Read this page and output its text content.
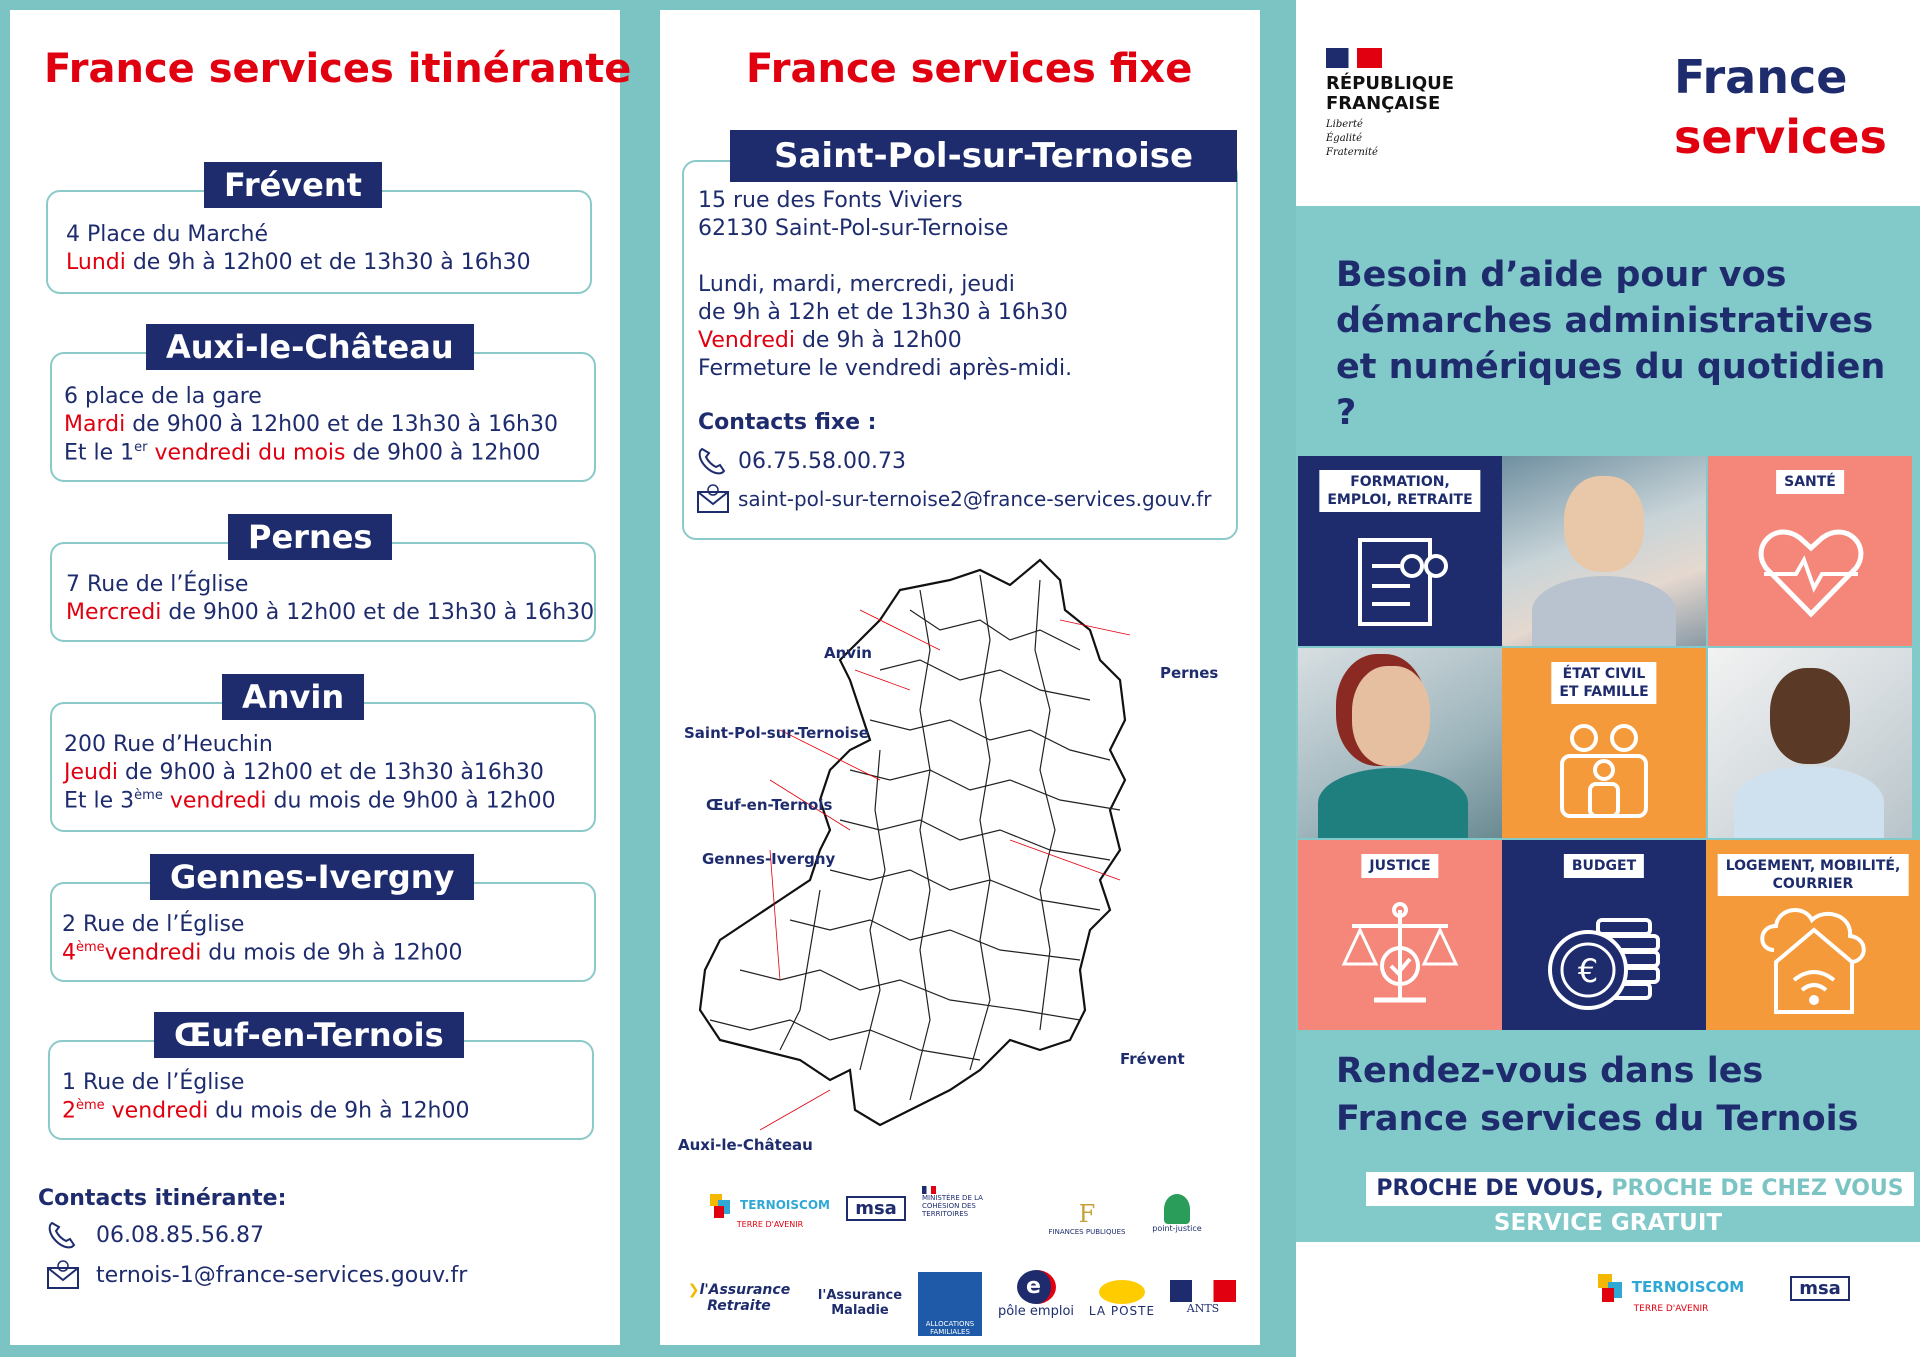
France services itinérante
Frévent
4 Place du Marché
Lundi de 9h à 12h00 et de 13h30 à 16h30
Auxi-le-Château
6 place de la gare
Mardi de 9h00 à 12h00 et de 13h30 à 16h30
Et le 1er vendredi du mois de 9h00 à 12h00
Pernes
7 Rue de l’Église
Mercredi de 9h00 à 12h00 et de 13h30 à 16h30
Anvin
200 Rue d’Heuchin
Jeudi de 9h00 à 12h00 et de 13h30 à16h30
Et le 3ème vendredi du mois de 9h00 à 12h00
Gennes-Ivergny
2 Rue de l’Église
4èmevendredi du mois de 9h à 12h00
Œuf-en-Ternois
1 Rue de l’Église
2ème vendredi du mois de 9h à 12h00
Contacts itinérante:
06.08.85.56.87
ternois-1@france-services.gouv.fr
France services fixe
Saint-Pol-sur-Ternoise
15 rue des Fonts Viviers
62130 Saint-Pol-sur-Ternoise
Lundi, mardi, mercredi, jeudi
de 9h à 12h et de 13h30 à 16h30
Vendredi de 9h à 12h00
Fermeture le vendredi après-midi.
Contacts fixe :
06.75.58.00.73
saint-pol-sur-ternoise2@france-services.gouv.fr
Anvin
Saint-Pol-sur-Ternoise
Œuf-en-Ternois
Gennes-Ivergny
Pernes
Frévent
Auxi-le-Château
TERNOISCOM
TERRE D'AVENIR
msa	MINISTÈRE DE LA COHÉSION DES TERRITOIRES	F
FINANCES PUBLIQUES	point-justice
❯l'Assurance Retraite
l'Assurance Maladie
ALLOCATIONS FAMILIALES
e
pôle emploi	LA POSTE	ANTS
RÉPUBLIQUE
FRANÇAISE
Liberté
Égalité
Fraternité
France
services
Besoin d’aide pour vos démarches administratives et numériques du quotidien ?
FORMATION,
EMPLOI, RETRAITE
SANTÉ
ÉTAT CIVIL
ET FAMILLE
JUSTICE	BUDGET
€
LOGEMENT, MOBILITÉ,
COURRIER
Rendez-vous dans les
France services du Ternois
PROCHE DE VOUS, PROCHE DE CHEZ VOUS
SERVICE GRATUIT
TERNOISCOM
TERRE D'AVENIR
msa
